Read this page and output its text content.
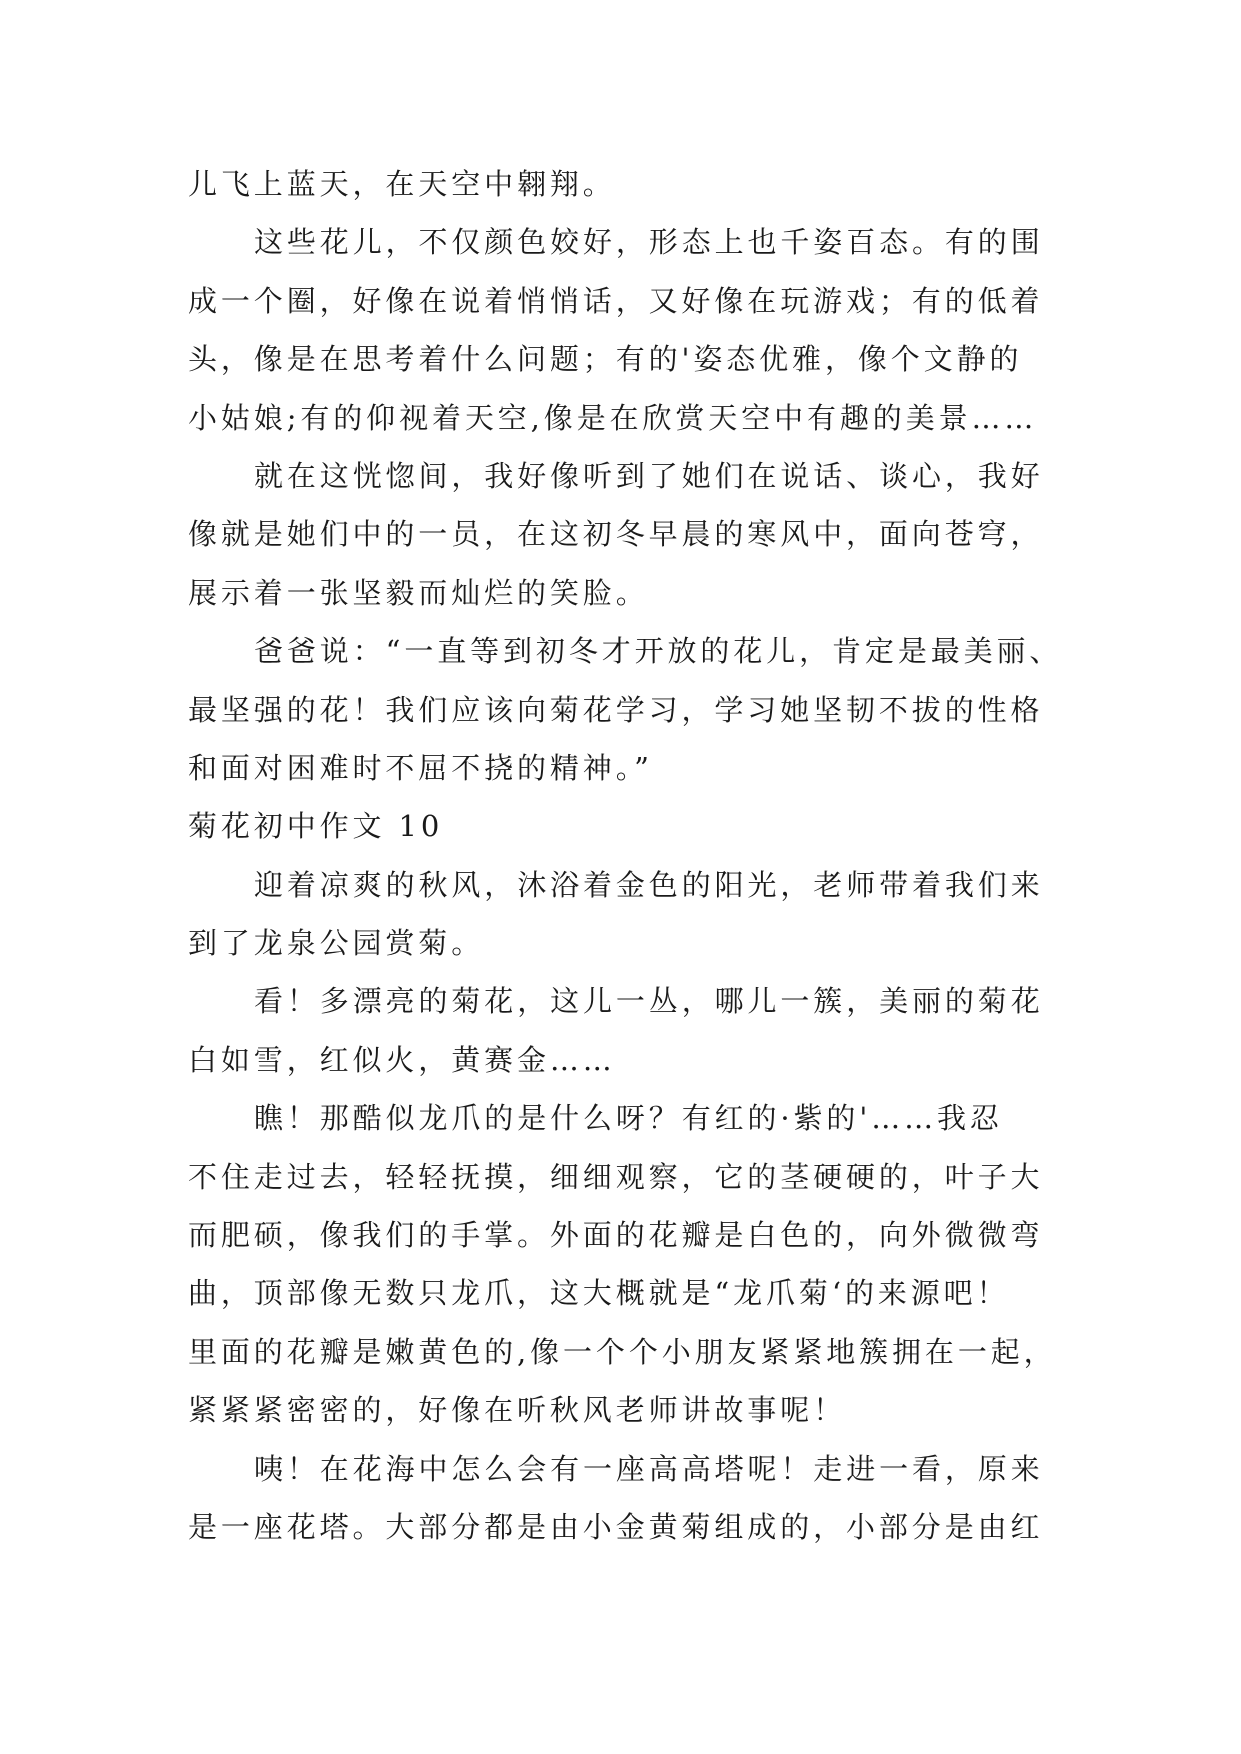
儿飞上蓝天，在天空中翱翔。
这些花儿，不仅颜色姣好，形态上也千姿百态。有的围
成一个圈，好像在说着悄悄话，又好像在玩游戏；有的低着
头，像是在思考着什么问题；有的'姿态优雅，像个文静的
小姑娘;有的仰视着天空,像是在欣赏天空中有趣的美景……
就在这恍惚间，我好像听到了她们在说话、谈心，我好
像就是她们中的一员，在这初冬早晨的寒风中，面向苍穹，
展示着一张坚毅而灿烂的笑脸。
爸爸说：“一直等到初冬才开放的花儿，肯定是最美丽、
最坚强的花！我们应该向菊花学习，学习她坚韧不拔的性格
和面对困难时不屈不挠的精神。”
菊花初中作文 10
迎着凉爽的秋风，沐浴着金色的阳光，老师带着我们来
到了龙泉公园赏菊。
看！多漂亮的菊花，这儿一丛，哪儿一簇，美丽的菊花
白如雪，红似火，黄赛金……
瞧！那酷似龙爪的是什么呀？有红的·紫的'……我忍
不住走过去，轻轻抚摸，细细观察，它的茎硬硬的，叶子大
而肥硕，像我们的手掌。外面的花瓣是白色的，向外微微弯
曲，顶部像无数只龙爪，这大概就是“龙爪菊‘的来源吧！
里面的花瓣是嫩黄色的,像一个个小朋友紧紧地簇拥在一起，
紧紧紧密密的，好像在听秋风老师讲故事呢！
咦！在花海中怎么会有一座高高塔呢！走进一看，原来
是一座花塔。大部分都是由小金黄菊组成的，小部分是由红
